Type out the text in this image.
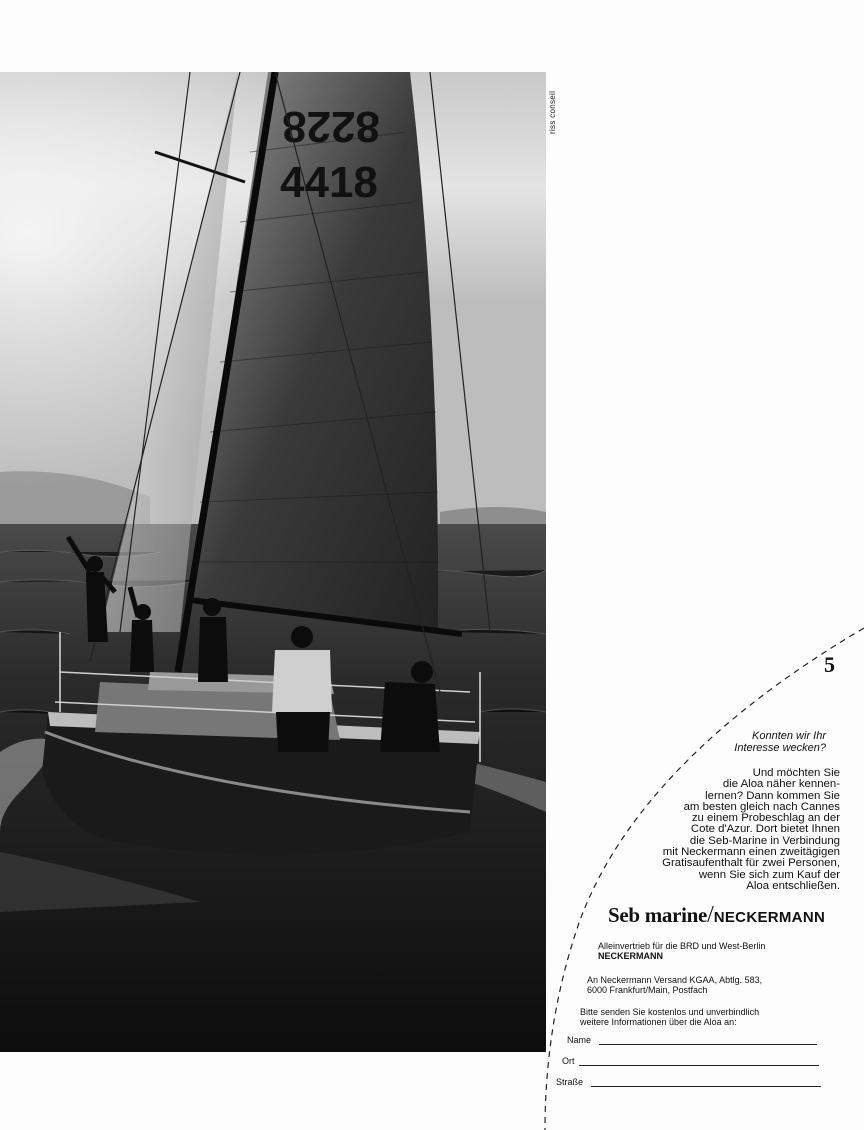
8228
4418
riss conseil
5
Konnten wir Ihr
Interesse wecken?
Und möchten Sie
die Aloa näher kennen-
lernen? Dann kommen Sie
am besten gleich nach Cannes
zu einem Probeschlag an der
Cote d'Azur. Dort bietet Ihnen
die Seb-Marine in Verbindung
mit Neckermann einen zweitägigen
Gratisaufenthalt für zwei Personen,
wenn Sie sich zum Kauf der
Aloa entschließen.
Seb marine/NECKERMANN
Alleinvertrieb für die BRD und West-Berlin
NECKERMANN
An Neckermann Versand KGAA, Abtlg. 583,
6000 Frankfurt/Main, Postfach
Bitte senden Sie kostenlos und unverbindlich
weitere Informationen über die Aloa an:
Name
Ort
Straße
